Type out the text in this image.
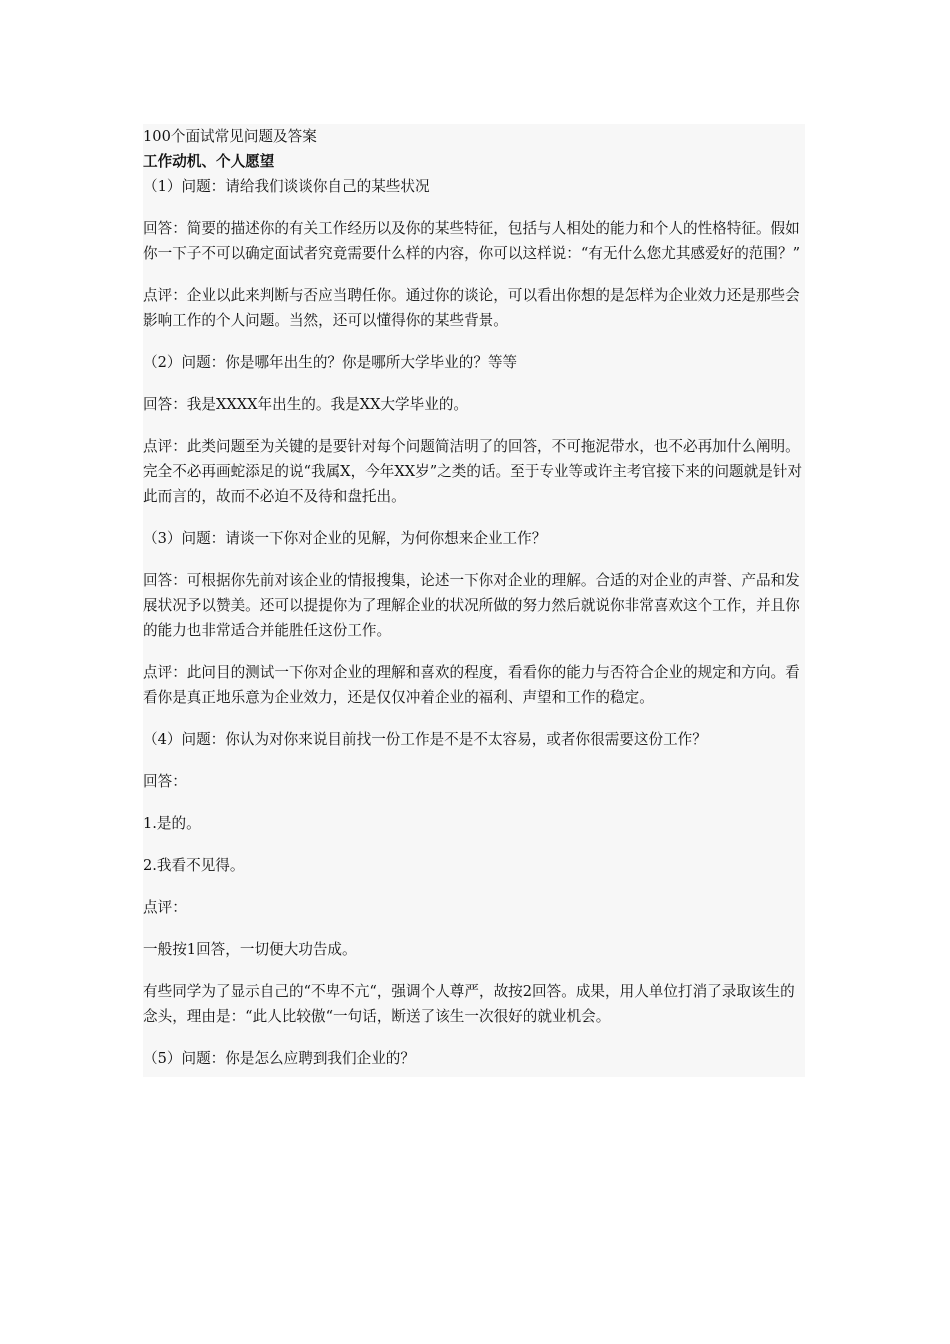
100个面试常见问题及答案

工作动机、个人愿望

（1）问题：请给我们谈谈你自己的某些状况

回答：简要的描述你的有关工作经历以及你的某些特征，包括与人相处的能力和个人的性格特征。假如你一下子不可以确定面试者究竟需要什么样的内容，你可以这样说：“有无什么您尤其感爱好的范围？”

点评：企业以此来判断与否应当聘任你。通过你的谈论，可以看出你想的是怎样为企业效力还是那些会影响工作的个人问题。当然，还可以懂得你的某些背景。

（2）问题：你是哪年出生的？你是哪所大学毕业的？等等

回答：我是XXXX年出生的。我是XX大学毕业的。

点评：此类问题至为关键的是要针对每个问题简洁明了的回答，不可拖泥带水，也不必再加什么阐明。完全不必再画蛇添足的说“我属X，今年XX岁”之类的话。至于专业等或许主考官接下来的问题就是针对此而言的，故而不必迫不及待和盘托出。

（3）问题：请谈一下你对企业的见解，为何你想来企业工作？

回答：可根据你先前对该企业的情报搜集，论述一下你对企业的理解。合适的对企业的声誉、产品和发展状况予以赞美。还可以提提你为了理解企业的状况所做的努力然后就说你非常喜欢这个工作，并且你的能力也非常适合并能胜任这份工作。

点评：此问目的测试一下你对企业的理解和喜欢的程度，看看你的能力与否符合企业的规定和方向。看看你是真正地乐意为企业效力，还是仅仅冲着企业的福利、声望和工作的稳定。

（4）问题：你认为对你来说目前找一份工作是不是不太容易，或者你很需要这份工作？

回答：

1.是的。

2.我看不见得。

点评：

一般按1回答，一切便大功告成。

有些同学为了显示自己的“不卑不亢“，强调个人尊严，故按2回答。成果，用人单位打消了录取该生的念头，理由是：“此人比较傲“一句话，断送了该生一次很好的就业机会。

（5）问题：你是怎么应聘到我们企业的？
